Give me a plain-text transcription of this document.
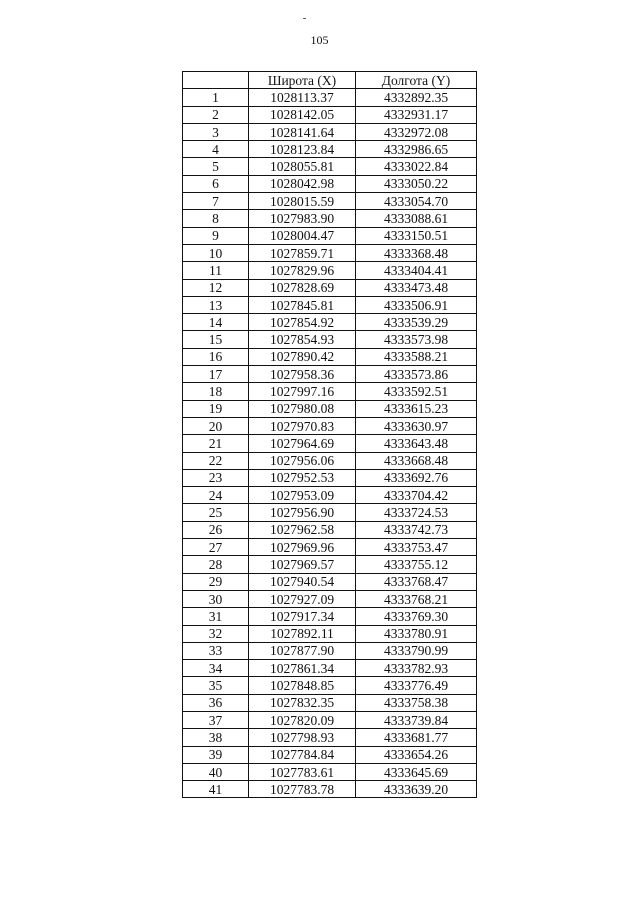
105
	Широта (X)	Долгота (Y)
1	1028113.37	4332892.35
2	1028142.05	4332931.17
3	1028141.64	4332972.08
4	1028123.84	4332986.65
5	1028055.81	4333022.84
6	1028042.98	4333050.22
7	1028015.59	4333054.70
8	1027983.90	4333088.61
9	1028004.47	4333150.51
10	1027859.71	4333368.48
11	1027829.96	4333404.41
12	1027828.69	4333473.48
13	1027845.81	4333506.91
14	1027854.92	4333539.29
15	1027854.93	4333573.98
16	1027890.42	4333588.21
17	1027958.36	4333573.86
18	1027997.16	4333592.51
19	1027980.08	4333615.23
20	1027970.83	4333630.97
21	1027964.69	4333643.48
22	1027956.06	4333668.48
23	1027952.53	4333692.76
24	1027953.09	4333704.42
25	1027956.90	4333724.53
26	1027962.58	4333742.73
27	1027969.96	4333753.47
28	1027969.57	4333755.12
29	1027940.54	4333768.47
30	1027927.09	4333768.21
31	1027917.34	4333769.30
32	1027892.11	4333780.91
33	1027877.90	4333790.99
34	1027861.34	4333782.93
35	1027848.85	4333776.49
36	1027832.35	4333758.38
37	1027820.09	4333739.84
38	1027798.93	4333681.77
39	1027784.84	4333654.26
40	1027783.61	4333645.69
41	1027783.78	4333639.20
